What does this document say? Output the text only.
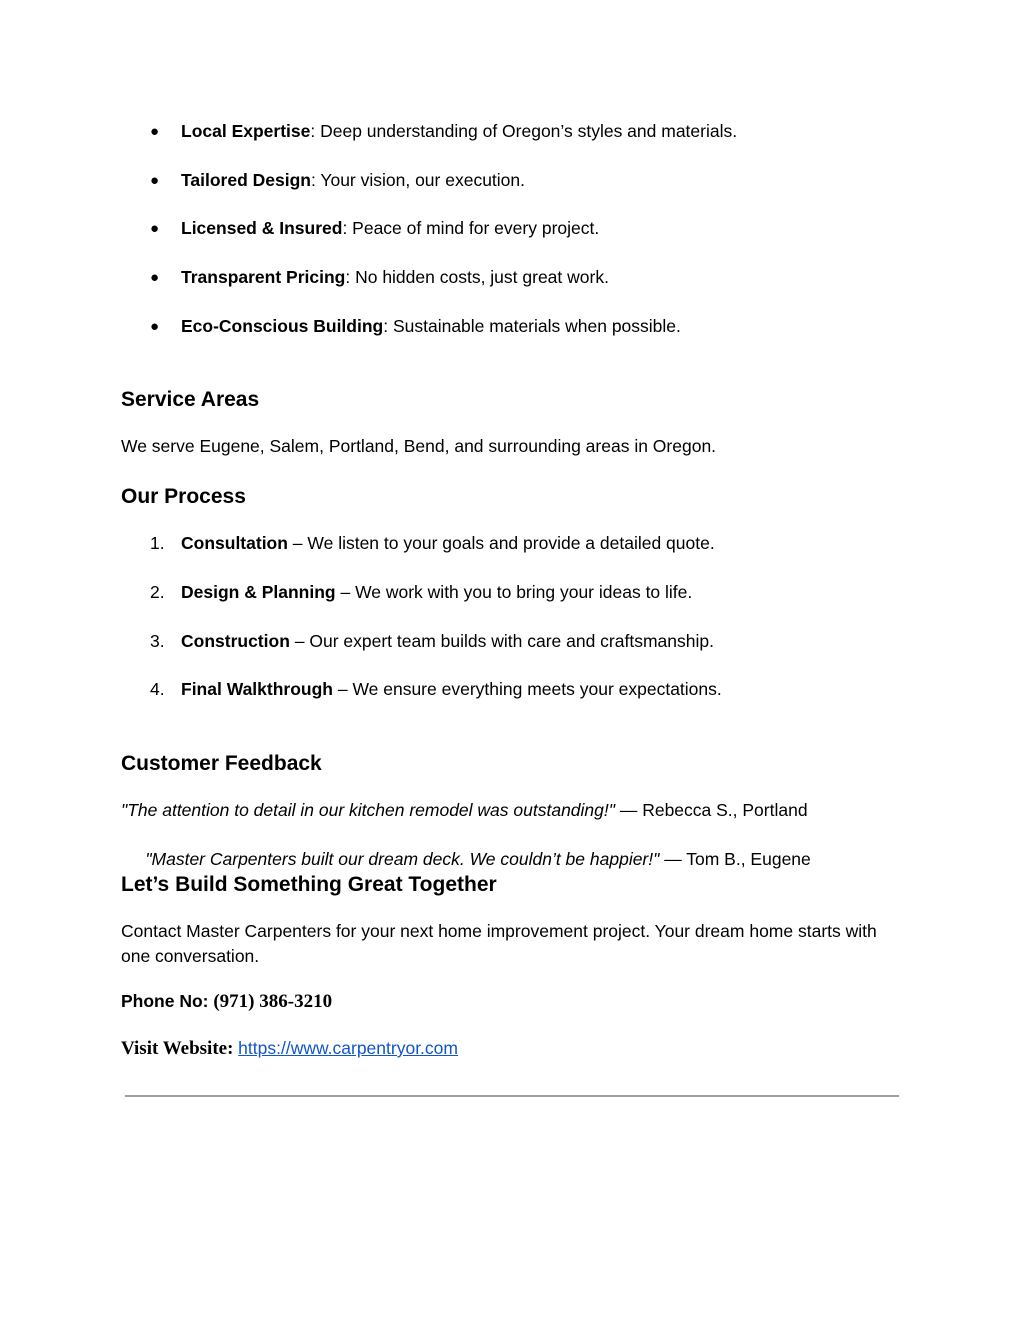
●	Local Expertise: Deep understanding of Oregon’s styles and materials.
●	Tailored Design: Your vision, our execution.
●	Licensed & Insured: Peace of mind for every project.
●	Transparent Pricing: No hidden costs, just great work.
●	Eco-Conscious Building: Sustainable materials when possible.
Service Areas

We serve Eugene, Salem, Portland, Bend, and surrounding areas in Oregon.

Our Process
1. Consultation – We listen to your goals and provide a detailed quote.
2. Design & Planning – We work with you to bring your ideas to life.
3. Construction – Our expert team builds with care and craftsmanship.
4. Final Walkthrough – We ensure everything meets your expectations.
Customer Feedback
"The attention to detail in our kitchen remodel was outstanding!" — Rebecca S., Portland

"Master Carpenters built our dream deck. We couldn’t be happier!" — Tom B., Eugene

Let’s Build Something Great Together

Contact Master Carpenters for your next home improvement project. Your dream home starts with one conversation.

Phone No: (971) 386-3210
Visit Website: https://www.carpentryor.com
